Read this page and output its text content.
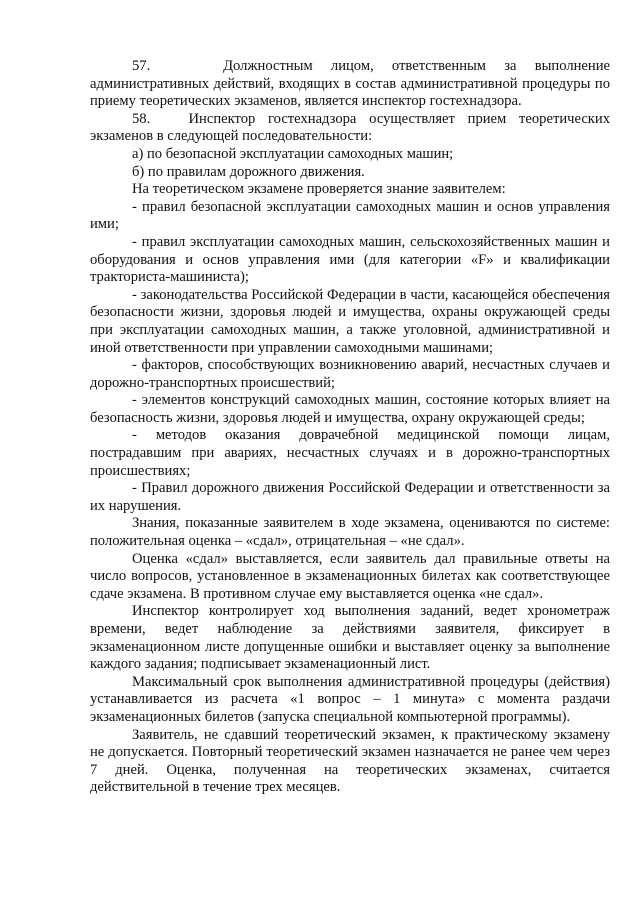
57.    Должностным лицом, ответственным за выполнение административных действий, входящих в состав административной процедуры по приему теоретических экзаменов, является инспектор гостехнадзора.

58.   Инспектор гостехнадзора осуществляет прием теоретических экзаменов в следующей последовательности:

а) по безопасной эксплуатации самоходных машин;

б) по правилам дорожного движения.

На теоретическом экзамене проверяется знание заявителем:

- правил безопасной эксплуатации самоходных машин и основ управления ими;

- правил эксплуатации самоходных машин, сельскохозяйственных машин и оборудования и основ управления ими (для категории «F» и квалификации тракториста-машиниста);

- законодательства Российской Федерации в части, касающейся обеспечения безопасности жизни, здоровья людей и имущества, охраны окружающей среды при эксплуатации самоходных машин, а также уголовной, административной и иной ответственности при управлении самоходными машинами;

- факторов, способствующих возникновению аварий, несчастных случаев и дорожно-транспортных происшествий;

- элементов конструкций самоходных машин, состояние которых влияет на безопасность жизни, здоровья людей и имущества, охрану окружающей среды;

- методов оказания доврачебной медицинской помощи лицам, пострадавшим при авариях, несчастных случаях и в дорожно-транспортных происшествиях;

- Правил дорожного движения Российской Федерации и ответственности за их нарушения.

Знания, показанные заявителем в ходе экзамена, оцениваются по системе: положительная оценка – «сдал», отрицательная – «не сдал».

Оценка «сдал» выставляется, если заявитель дал правильные ответы на число вопросов, установленное в экзаменационных билетах как соответствующее сдаче экзамена. В противном случае ему выставляется оценка «не сдал».

Инспектор контролирует ход выполнения заданий, ведет хронометраж времени, ведет наблюдение за действиями заявителя, фиксирует в экзаменационном листе допущенные ошибки и выставляет оценку за выполнение каждого задания; подписывает экзаменационный лист.

Максимальный срок выполнения административной процедуры (действия) устанавливается из расчета «1 вопрос – 1 минута» с момента раздачи экзаменационных билетов (запуска специальной компьютерной программы).

Заявитель, не сдавший теоретический экзамен, к практическому экзамену не допускается. Повторный теоретический экзамен назначается не ранее чем через 7 дней. Оценка, полученная на теоретических экзаменах, считается действительной в течение трех месяцев.
